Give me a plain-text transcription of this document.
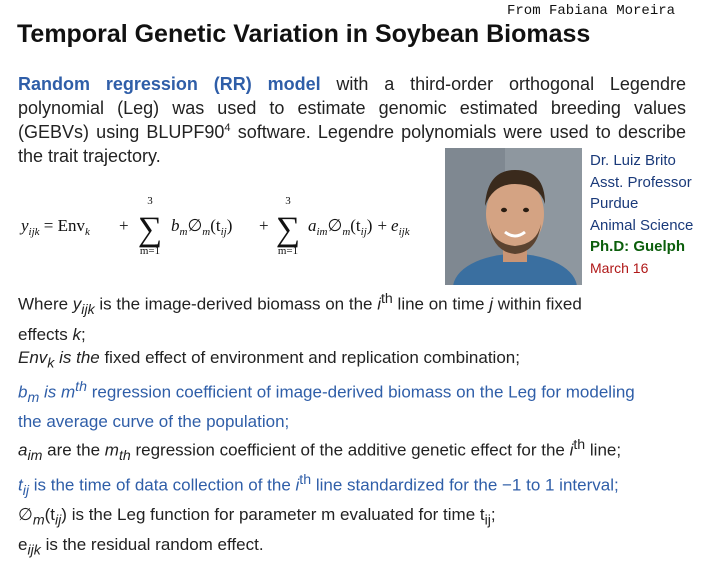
From Fabiana Moreira
Temporal Genetic Variation in Soybean Biomass
Random regression (RR) model with a third-order orthogonal Legendre polynomial (Leg) was used to estimate genomic estimated breeding values (GEBVs) using $BLUPF90^4$ software. Legendre polynomials were used to describe the trait trajectory.	Dr. Luiz Brito
Asst. Professor
Purdue
Animal Science
Ph.D: Guelph
March 16
$y_{ijk} = Env_k$ +
3
∑
m=1
$b_m\emptyset_m(t_{ij})$ +
3
∑
m=1
$a_{im}\emptyset_m(t_{ij}) + e_{ijk}$
Where $y_{ijk}$ is the image-derived biomass on the $i^{th}$ line on time j within fixed
effects k;
Env$_k$ is the fixed effect of environment and replication combination;
$b_m$ is $m^{th}$ regression coefficient of image-derived biomass on the Leg for modeling
the average curve of the population;
$a_{im}$ are the $m_{th}$ regression coefficient of the additive genetic effect for the $i^{th}$ line;
$t_{ij}$ is the time of data collection of the $i^{th}$ line standardized for the −1 to 1 interval;
$\emptyset_m(t_{ij})$ is the Leg function for parameter m evaluated for time $t_{ij}$;
$e_{ijk}$ is the residual random effect.
